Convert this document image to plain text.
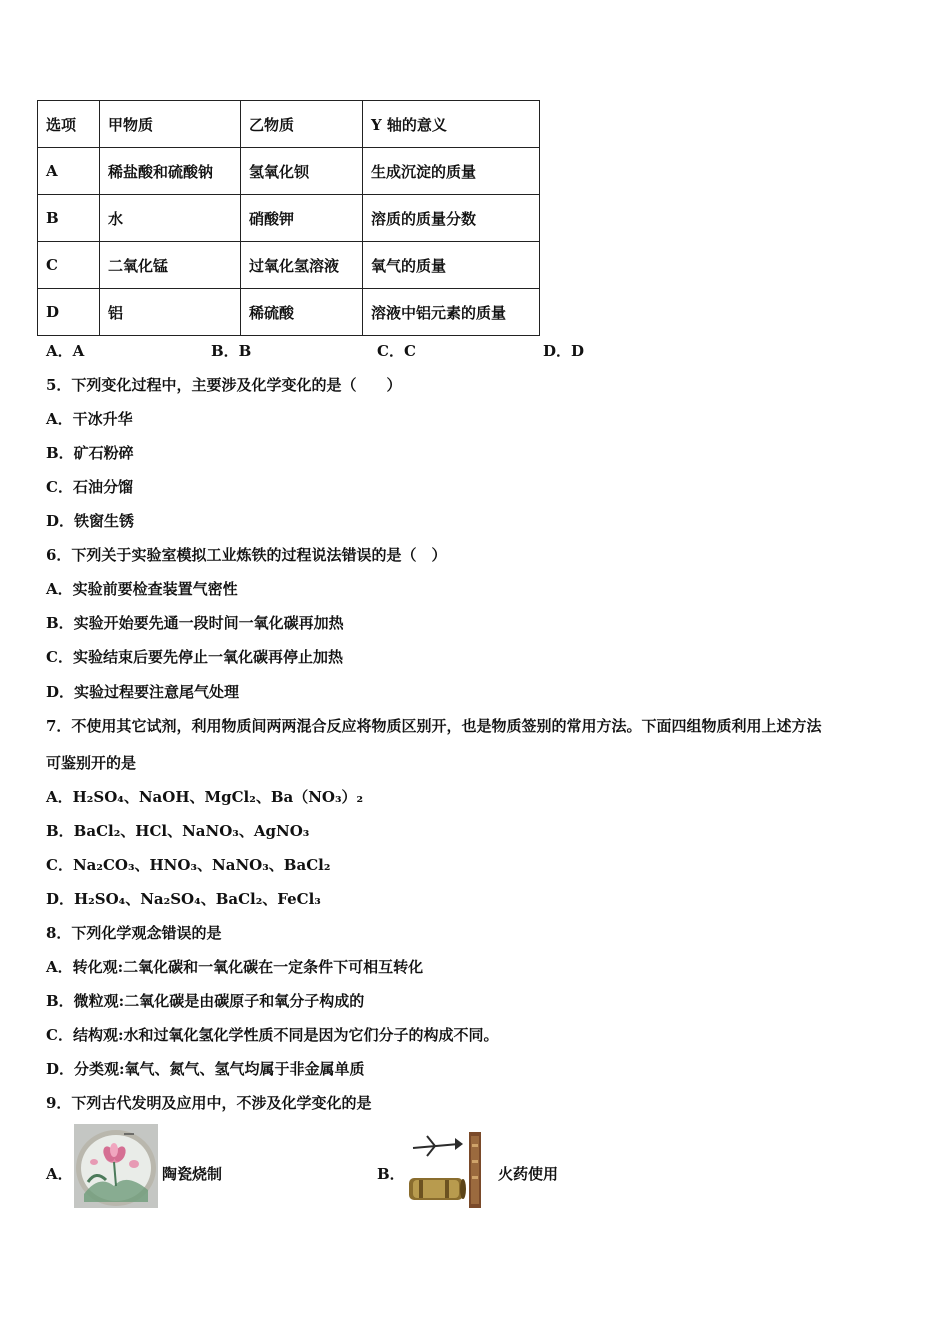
选项	甲物质	乙物质	Y 轴的意义
A	稀盐酸和硫酸钠	氢氧化钡	生成沉淀的质量
B	水	硝酸钾	溶质的质量分数
C	二氧化锰	过氧化氢溶液	氧气的质量
D	铝	稀硫酸	溶液中铝元素的质量
A．A	B．B	C．C	D．D
5．下列变化过程中，主要涉及化学变化的是（　　）
A．干冰升华
B．矿石粉碎
C．石油分馏
D．铁窗生锈
6．下列关于实验室模拟工业炼铁的过程说法错误的是（　）
A．实验前要检查装置气密性
B．实验开始要先通一段时间一氧化碳再加热
C．实验结束后要先停止一氧化碳再停止加热
D．实验过程要注意尾气处理
7．不使用其它试剂，利用物质间两两混合反应将物质区别开，也是物质签别的常用方法。下面四组物质利用上述方法
可鉴别开的是
A．H₂SO₄、NaOH、MgCl₂、Ba（NO₃）₂
B．BaCl₂、HCl、NaNO₃、AgNO₃
C．Na₂CO₃、HNO₃、NaNO₃、BaCl₂
D．H₂SO₄、Na₂SO₄、BaCl₂、FeCl₃
8．下列化学观念错误的是
A．转化观:二氧化碳和一氧化碳在一定条件下可相互转化
B．微粒观:二氧化碳是由碳原子和氧分子构成的
C．结构观:水和过氧化氢化学性质不同是因为它们分子的构成不同。
D．分类观:氧气、氮气、氢气均属于非金属单质
9．下列古代发明及应用中，不涉及化学变化的是
A．	陶瓷烧制	B．	火药使用
